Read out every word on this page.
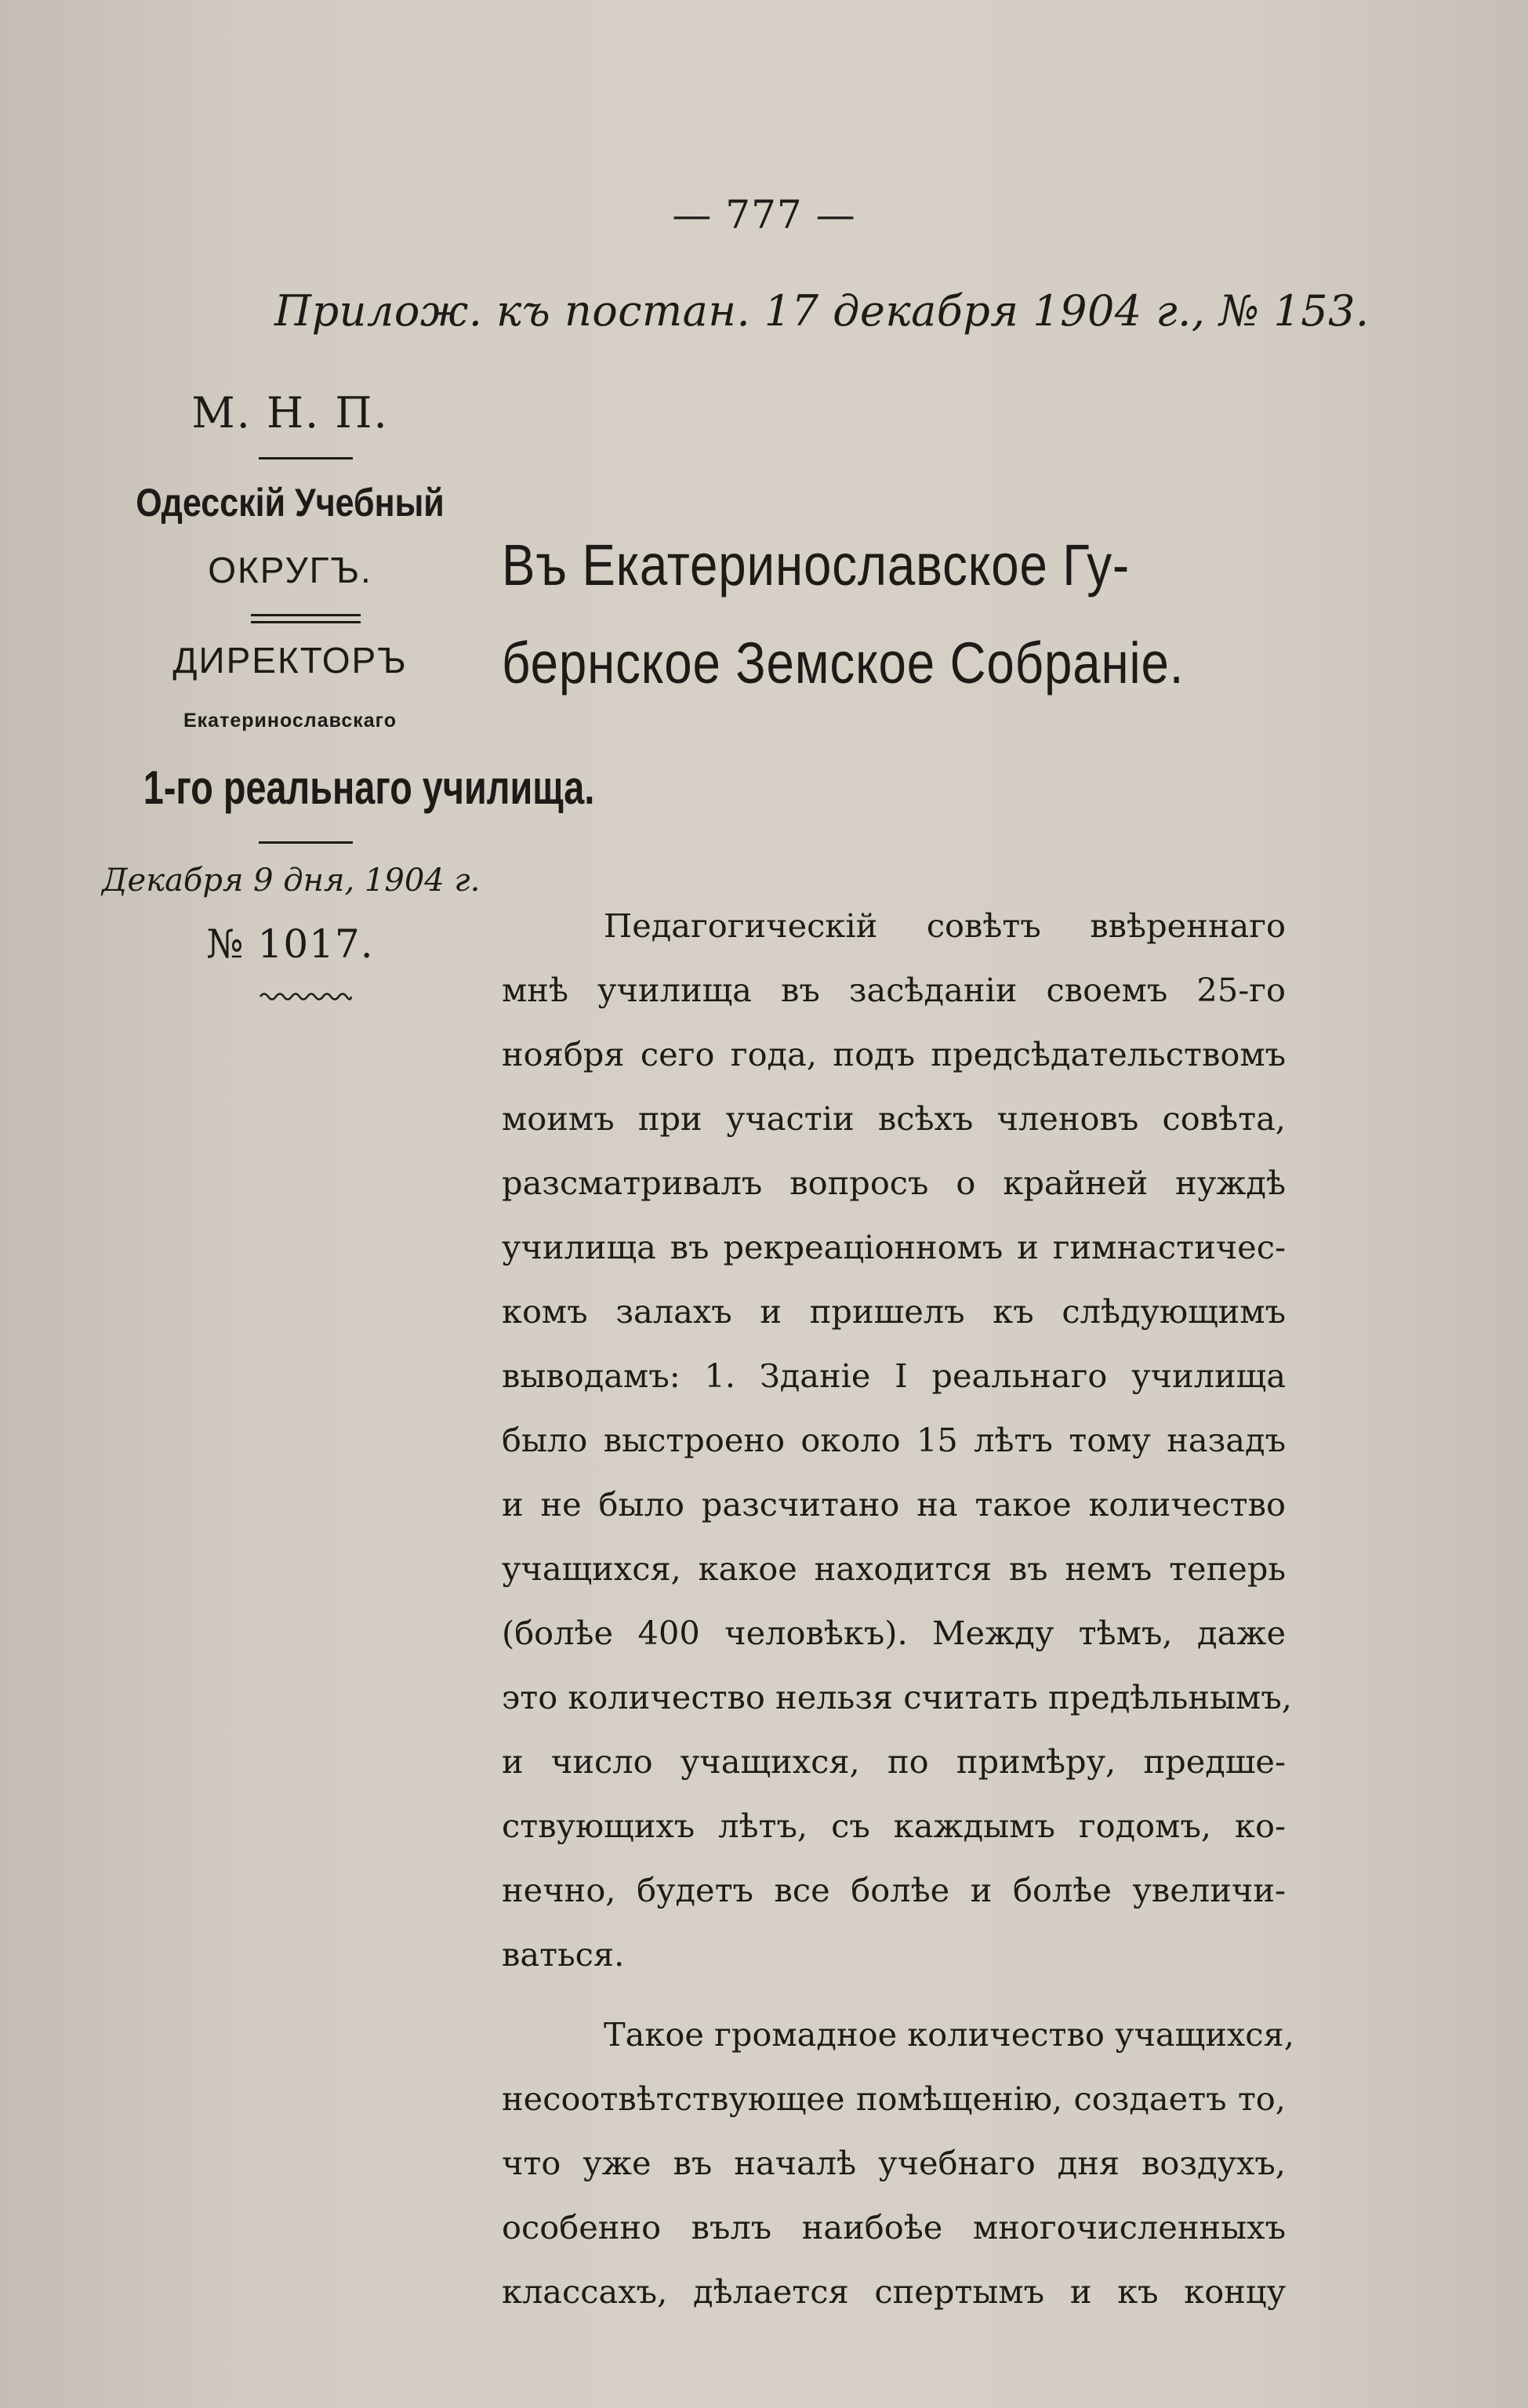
— 777 —

Прилож. къ постан. 17 декабря 1904 г., № 153.

М. Н. П.

Одесскій Учебный

ОКРУГЪ.

ДИРЕКТОРЪ

Екатеринославскаго

1-го реальнаго училища.

Декабря 9 дня, 1904 г.

№ 1017.

Въ Екатеринославское Гу-

бернское Земское Собраніе.

Педагогическій совѣтъ ввѣреннаго
мнѣ училища въ засѣданіи своемъ 25-го
ноября сего года, подъ предсѣдательствомъ
моимъ при участіи всѣхъ членовъ совѣта,
разсматривалъ вопросъ о крайней нуждѣ
училища въ рекреаціонномъ и гимнастичес-
комъ залахъ и пришелъ къ слѣдующимъ
выводамъ: 1. Зданіе I реальнаго училища
было выстроено около 15 лѣтъ тому назадъ
и не было разсчитано на такое количество
учащихся, какое находится въ немъ теперь
(болѣе 400 человѣкъ). Между тѣмъ, даже
это количество нельзя считать предѣльнымъ,
и число учащихся, по примѣру, предше-
ствующихъ лѣтъ, съ каждымъ годомъ, ко-
нечно, будетъ все болѣе и болѣе увеличи-
ваться.
Такое громадное количество учащихся,
несоотвѣтствующее помѣщенію, создаетъ то,
что уже въ началѣ учебнаго дня воздухъ,
особенно вълъ наибоѣе многочисленныхъ
классахъ, дѣлается спертымъ и къ концу
